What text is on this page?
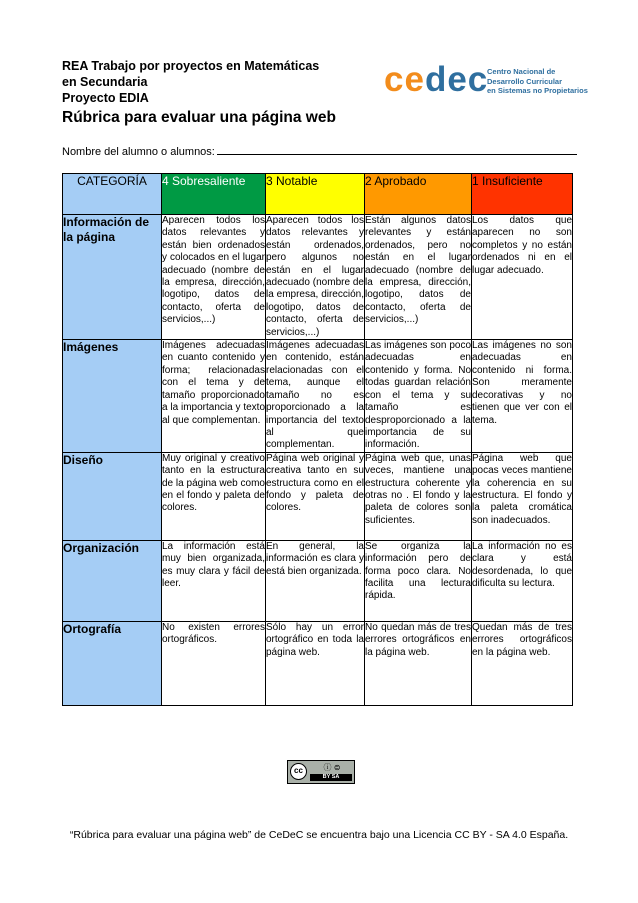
REA Trabajo por proyectos en Matemáticas
en Secundaria
Proyecto EDIA	cedec
Centro Nacional de
Desarrollo Curricular
en Sistemas no Propietarios
Rúbrica para evaluar una página web
Nombre del alumno o alumnos:
CATEGORÍA	4 Sobresaliente	3 Notable	2 Aprobado	1 Insuficiente
Información de la página	Aparecen todos los datos relevantes y están bien ordenados y colocados en el lugar adecuado (nombre de la empresa, dirección, logotipo, datos de contacto, oferta de servicios,...)	Aparecen todos los datos relevantes y están ordenados, pero algunos no están en el lugar adecuado (nombre de la empresa, dirección, logotipo, datos de contacto, oferta de servicios,...)	Están algunos datos relevantes y están ordenados, pero no están en el lugar adecuado (nombre de la empresa, dirección, logotipo, datos de contacto, oferta de servicios,...)	Los datos que aparecen no son completos y no están ordenados ni en el lugar adecuado.
Imágenes	Imágenes adecuadas en cuanto contenido y forma; relacionadas con el tema y de tamaño proporcionado a la importancia y texto al que complementan.	Imágenes adecuadas en contenido, están relacionadas con el tema, aunque el tamaño no es proporcionado a la importancia del texto al que complementan.	Las imágenes son poco adecuadas en contenido y forma. No todas guardan relación con el tema y su tamaño es desproporcionado a la importancia de su información.	Las imágenes no son adecuadas en contenido ni forma. Son meramente decorativas y no tienen que ver con el tema.
Diseño	Muy original y creativo tanto en la estructura de la página web como en el fondo y paleta de colores.	Página web original y creativa tanto en su estructura como en el fondo y paleta de colores.	Página web que, unas veces, mantiene una estructura coherente y otras no . El fondo y la paleta de colores son suficientes.	Página web que pocas veces mantiene la coherencia en su estructura. El fondo y la paleta cromática son inadecuados.
Organización	La información está muy bien organizada, es muy clara y fácil de leer.	En general, la información es clara y está bien organizada.	Se organiza la información pero de forma poco clara. No facilita una lectura rápida.	La información no es clara y está desordenada, lo que dificulta su lectura.
Ortografía	No existen errores ortográficos.	Sólo hay un error ortográfico en toda la página web.	No quedan más de tres errores ortográficos en la página web.	Quedan más de tres errores ortográficos en la página web.
cc	ⓘ ⊜
BY SA
“Rúbrica para evaluar una página web” de CeDeC se encuentra bajo una Licencia CC BY - SA 4.0 España.
